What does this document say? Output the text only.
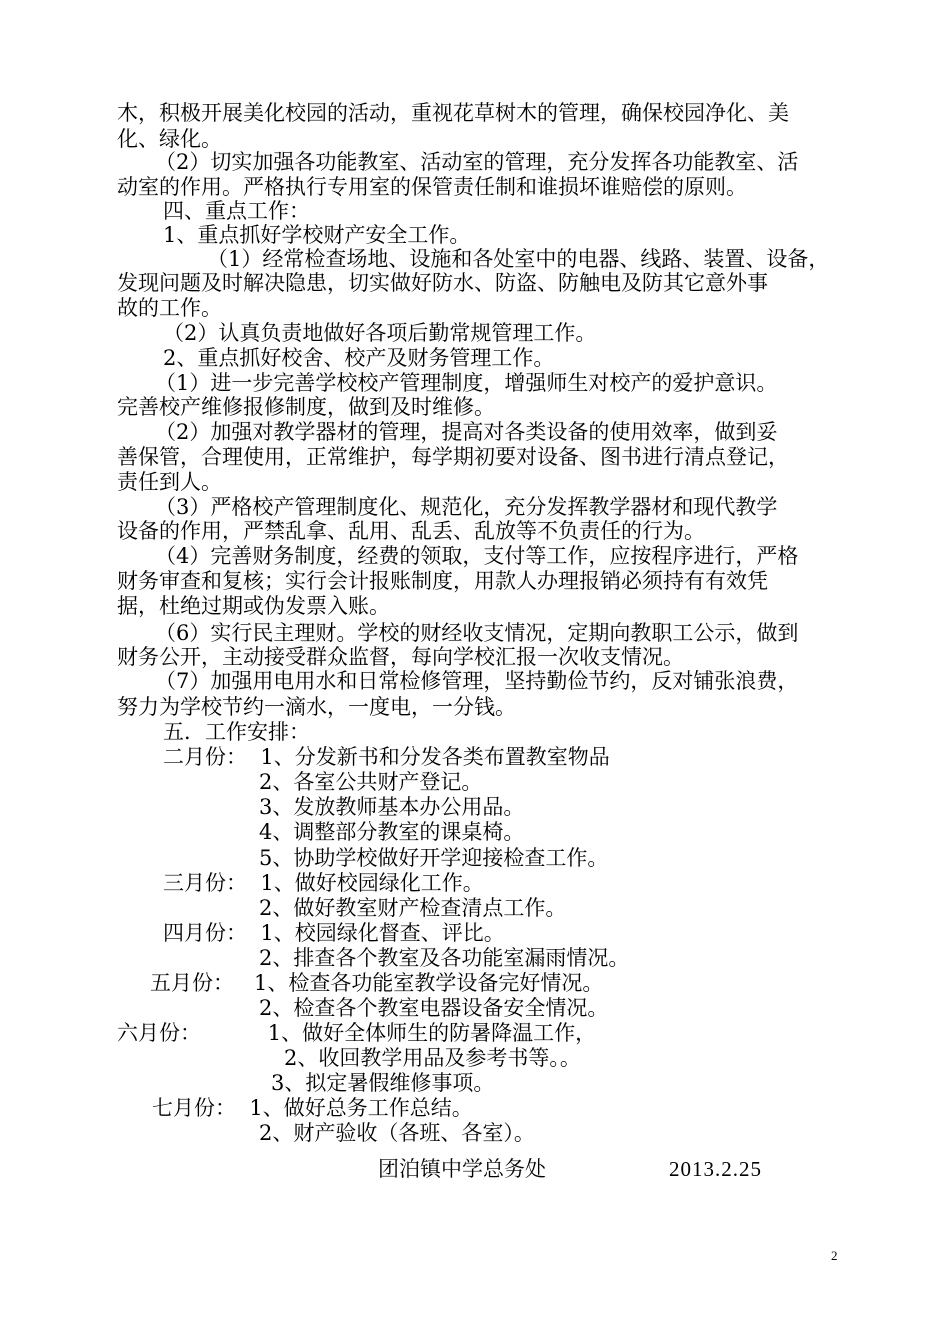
木，积极开展美化校园的活动，重视花草树木的管理，确保校园净化、美
化、绿化。
（2）切实加强各功能教室、活动室的管理，充分发挥各功能教室、活
动室的作用。严格执行专用室的保管责任制和谁损坏谁赔偿的原则。
四、重点工作：
1、重点抓好学校财产安全工作。
（1）经常检查场地、设施和各处室中的电器、线路、装置、设备，
发现问题及时解决隐患，切实做好防水、防盗、防触电及防其它意外事
故的工作。
（2）认真负责地做好各项后勤常规管理工作。
2、重点抓好校舍、校产及财务管理工作。
（1）进一步完善学校校产管理制度，增强师生对校产的爱护意识。
完善校产维修报修制度，做到及时维修。
（2）加强对教学器材的管理，提高对各类设备的使用效率，做到妥
善保管，合理使用，正常维护，每学期初要对设备、图书进行清点登记，
责任到人。
（3）严格校产管理制度化、规范化，充分发挥教学器材和现代教学
设备的作用，严禁乱拿、乱用、乱丢、乱放等不负责任的行为。
（4）完善财务制度，经费的领取，支付等工作，应按程序进行，严格
财务审查和复核；实行会计报账制度，用款人办理报销必须持有有效凭
据，杜绝过期或伪发票入账。
（6）实行民主理财。学校的财经收支情况，定期向教职工公示，做到
财务公开，主动接受群众监督，每向学校汇报一次收支情况。
（7）加强用电用水和日常检修管理，坚持勤俭节约，反对铺张浪费，
努力为学校节约一滴水，一度电，一分钱。
五．工作安排：
二月份：  1、分发新书和分发各类布置教室物品
2、各室公共财产登记。
3、发放教师基本办公用品。
4、调整部分教室的课桌椅。
5、协助学校做好开学迎接检查工作。
三月份：  1、做好校园绿化工作。
2、做好教室财产检查清点工作。
四月份：  1、校园绿化督查、评比。
2、排查各个教室及各功能室漏雨情况。
五月份：   1、检查各功能室教学设备完好情况。
2、检查各个教室电器设备安全情况。
六月份：          1、做好全体师生的防暑降温工作，
2、收回教学用品及参考书等。。
3、拟定暑假维修事项。
七月份：  1、做好总务工作总结。
2、财产验收（各班、各室）。
团泊镇中学总务处	2013.2.25
2
